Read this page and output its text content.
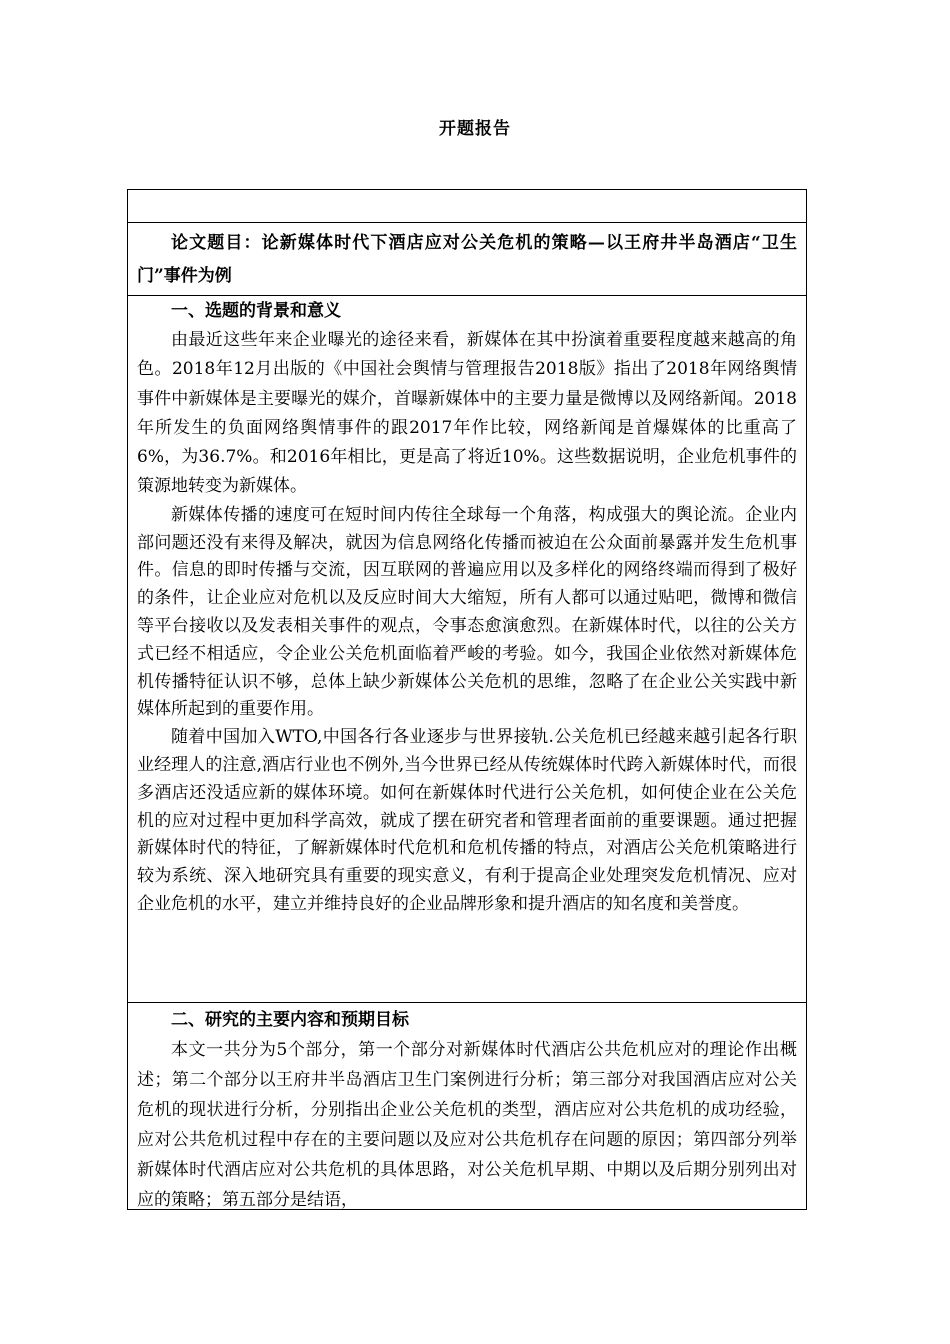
开题报告

论文题目：论新媒体时代下酒店应对公关危机的策略—以王府井半岛酒店“卫生门”事件为例

一、选题的背景和意义

由最近这些年来企业曝光的途径来看，新媒体在其中扮演着重要程度越来越高的角色。2018年12月出版的《中国社会舆情与管理报告2018版》指出了2018年网络舆情事件中新媒体是主要曝光的媒介，首曝新媒体中的主要力量是微博以及网络新闻。2018年所发生的负面网络舆情事件的跟2017年作比较，网络新闻是首爆媒体的比重高了6%，为36.7%。和2016年相比，更是高了将近10%。这些数据说明，企业危机事件的策源地转变为新媒体。

新媒体传播的速度可在短时间内传往全球每一个角落，构成强大的舆论流。企业内部问题还没有来得及解决，就因为信息网络化传播而被迫在公众面前暴露并发生危机事件。信息的即时传播与交流，因互联网的普遍应用以及多样化的网络终端而得到了极好的条件，让企业应对危机以及反应时间大大缩短，所有人都可以通过贴吧，微博和微信等平台接收以及发表相关事件的观点，令事态愈演愈烈。在新媒体时代，以往的公关方式已经不相适应，令企业公关危机面临着严峻的考验。如今，我国企业依然对新媒体危机传播特征认识不够，总体上缺少新媒体公关危机的思维，忽略了在企业公关实践中新媒体所起到的重要作用。

随着中国加入WTO,中国各行各业逐步与世界接轨.公关危机已经越来越引起各行职业经理人的注意,酒店行业也不例外,当今世界已经从传统媒体时代跨入新媒体时代，而很多酒店还没适应新的媒体环境。如何在新媒体时代进行公关危机，如何使企业在公关危机的应对过程中更加科学高效，就成了摆在研究者和管理者面前的重要课题。通过把握新媒体时代的特征，了解新媒体时代危机和危机传播的特点，对酒店公关危机策略进行较为系统、深入地研究具有重要的现实意义，有利于提高企业处理突发危机情况、应对企业危机的水平，建立并维持良好的企业品牌形象和提升酒店的知名度和美誉度。

二、研究的主要内容和预期目标

本文一共分为5个部分，第一个部分对新媒体时代酒店公共危机应对的理论作出概述；第二个部分以王府井半岛酒店卫生门案例进行分析；第三部分对我国酒店应对公关危机的现状进行分析，分别指出企业公关危机的类型，酒店应对公共危机的成功经验，应对公共危机过程中存在的主要问题以及应对公共危机存在问题的原因；第四部分列举新媒体时代酒店应对公共危机的具体思路，对公关危机早期、中期以及后期分别列出对应的策略；第五部分是结语，
